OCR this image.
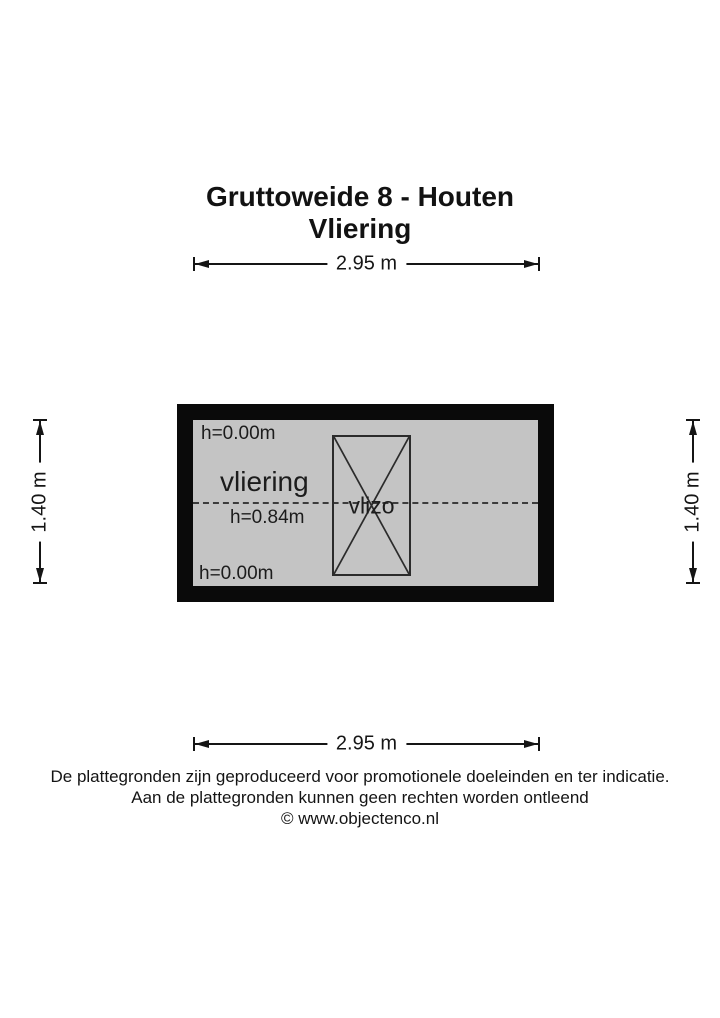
Gruttoweide 8 - Houten
Vliering
2.95 m
1.40 m	1.40 m
h=0.00m
vliering
h=0.84m
h=0.00m
vlizo
2.95 m
De plattegronden zijn geproduceerd voor promotionele doeleinden en ter indicatie.
Aan de plattegronden kunnen geen rechten worden ontleend
© www.objectenco.nl
